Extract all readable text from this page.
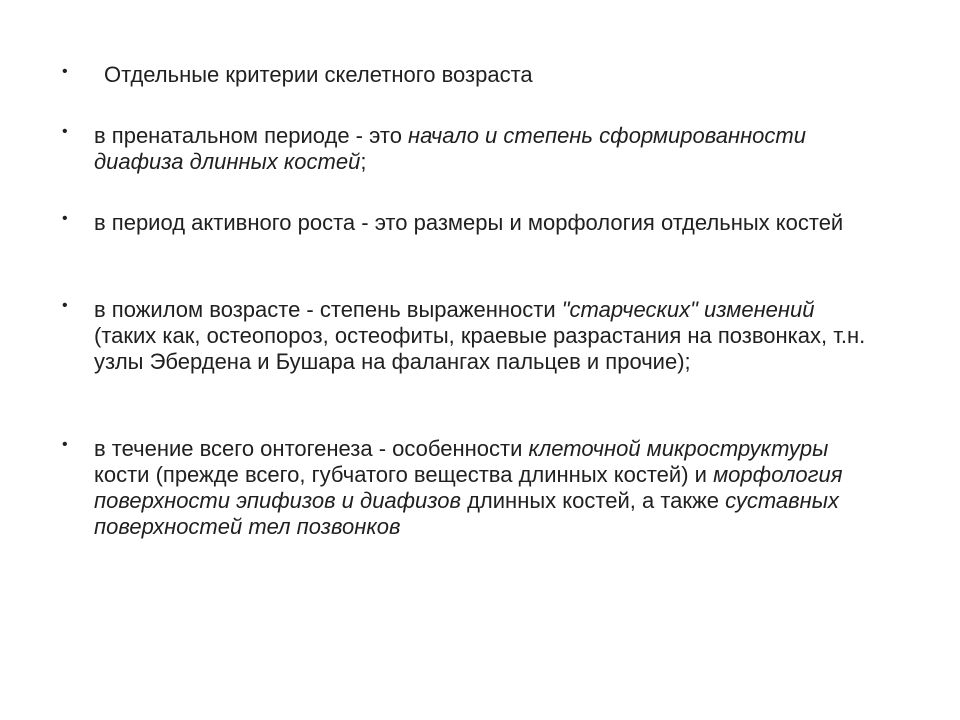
• Отдельные критерии скелетного возраста
• в пренатальном периоде - это начало и степень сформированности диафиза длинных костей;
• в период активного роста - это размеры и морфология отдельных костей
• в пожилом возрасте - степень выраженности "старческих" изменений (таких как, остеопороз, остеофиты, краевые разрастания на позвонках, т.н. узлы Эбердена и Бушара на фалангах пальцев и прочие);
• в течение всего онтогенеза - особенности клеточной микроструктуры кости (прежде всего, губчатого вещества длинных костей) и морфология поверхности эпифизов и диафизов длинных костей, а также суставных поверхностей тел позвонков
